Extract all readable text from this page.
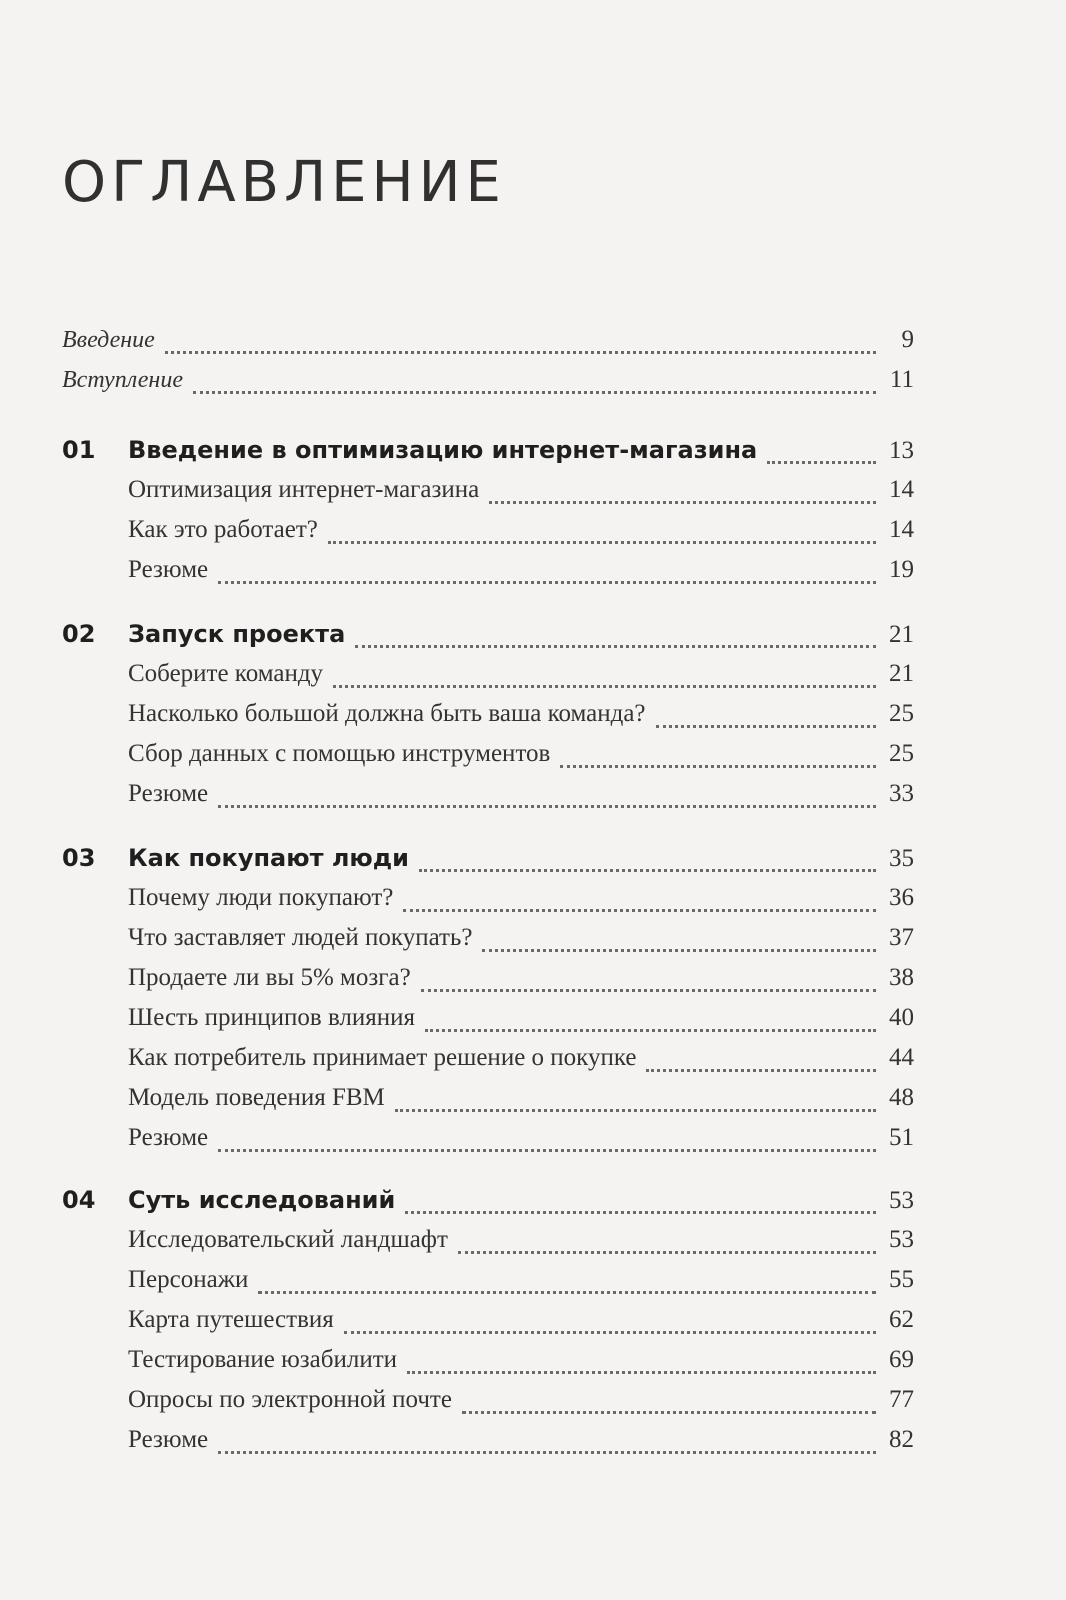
ОГЛАВЛЕНИЕ
Введение	9
Вступление	11
01	Введение в оптимизацию интернет-магазина	13
Оптимизация интернет-магазина	14
Как это работает?	14
Резюме	19
02	Запуск проекта	21
Соберите команду	21
Насколько большой должна быть ваша команда?	25
Сбор данных с помощью инструментов	25
Резюме	33
03	Как покупают люди	35
Почему люди покупают?	36
Что заставляет людей покупать?	37
Продаете ли вы 5% мозга?	38
Шесть принципов влияния	40
Как потребитель принимает решение о покупке	44
Модель поведения FBM	48
Резюме	51
04	Суть исследований	53
Исследовательский ландшафт	53
Персонажи	55
Карта путешествия	62
Тестирование юзабилити	69
Опросы по электронной почте	77
Резюме	82
